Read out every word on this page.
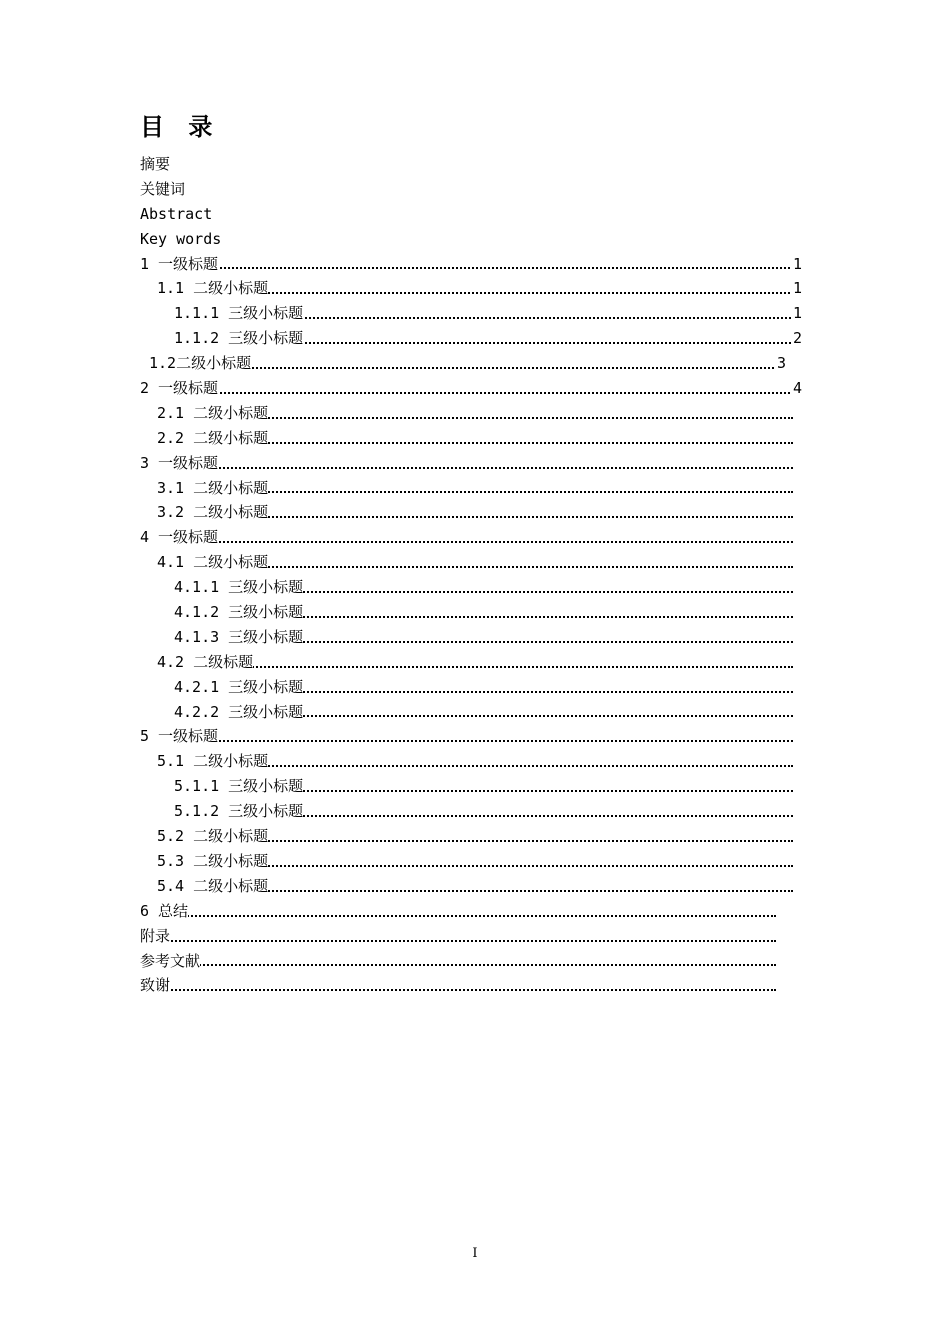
目 录
摘要
关键词
Abstract
Key words
1 一级标题	1
1.1 二级小标题	1
1.1.1 三级小标题	1
1.1.2 三级小标题	2
1.2二级小标题	3
2 一级标题	4
2.1 二级小标题
2.2 二级小标题
3 一级标题
3.1 二级小标题
3.2 二级小标题
4 一级标题
4.1 二级小标题
4.1.1 三级小标题
4.1.2 三级小标题
4.1.3 三级小标题
4.2 二级标题
4.2.1 三级小标题
4.2.2 三级小标题
5 一级标题
5.1 二级小标题
5.1.1 三级小标题
5.1.2 三级小标题
5.2 二级小标题
5.3 二级小标题
5.4 二级小标题
6 总结
附录
参考文献
致谢
I
